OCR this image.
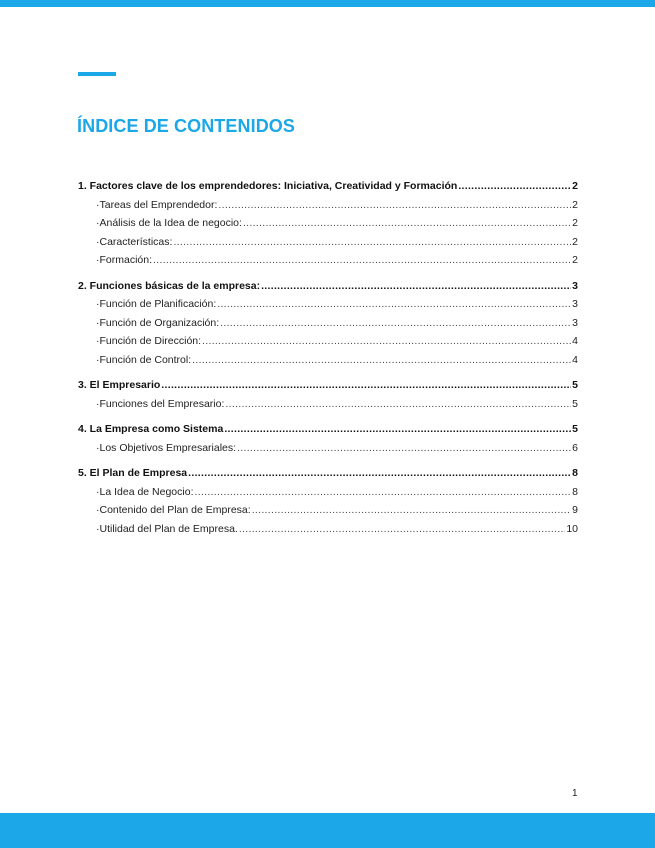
ÍNDICE DE CONTENIDOS
1. Factores clave de los emprendedores: Iniciativa, Creatividad y Formación .....	2
·Tareas del Emprendedor: .....	2
·Análisis de la Idea de negocio: .....	2
·Características: .....	2
·Formación: .....	2
2. Funciones básicas de la empresa: .....	3
·Función de Planificación: .....	3
·Función de Organización: .....	3
·Función de Dirección: .....	4
·Función de Control: .....	4
3. El Empresario .....	5
·Funciones del Empresario: .....	5
4. La Empresa como Sistema .....	5
·Los Objetivos Empresariales: .....	6
5. El Plan de Empresa .....	8
·La Idea de Negocio: .....	8
·Contenido del Plan de Empresa: .....	9
·Utilidad del Plan de Empresa. .....	10
1
